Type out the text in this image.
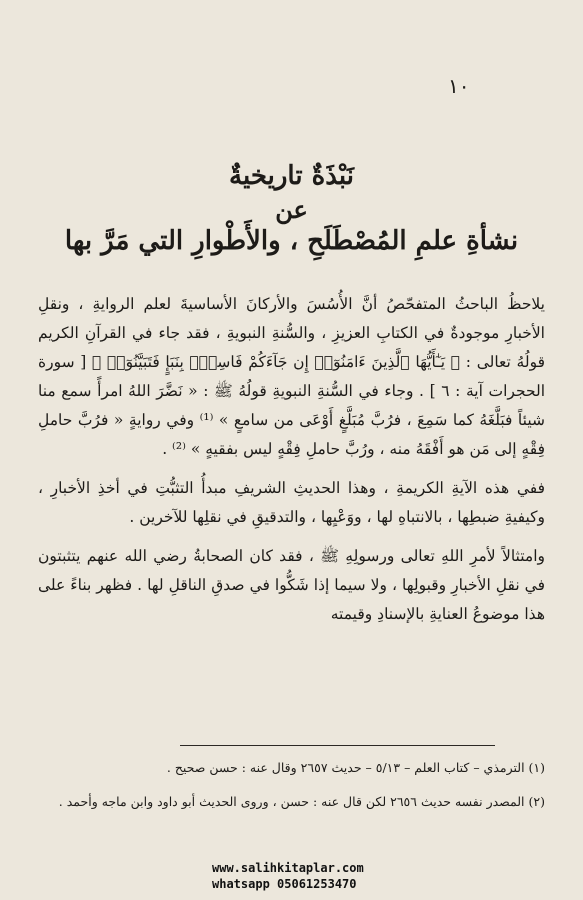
١٠
نَبْذَةٌ تاريخيةٌ
عن
نشأةِ علمِ المُصْطَلَحِ ، والأَطْوارِ التي مَرَّ بها

يلاحظُ الباحثُ المتفحّصُ أنَّ الأُسُسَ والأركانَ الأساسيةَ لعلم الروايةِ ، ونقلِ الأخبارِ موجودةٌ في الكتابِ العزيزِ ، والسُّنةِ النبويةِ ، فقد جاء في القرآنِ الكريم قولُهُ تعالى : ﴿ يَـٰٓأَيُّهَا ٱلَّذِينَ ءَامَنُوٓا۟ إِن جَآءَكُمْ فَاسِقٌۢ بِنَبَإٍ فَتَبَيَّنُوٓا۟ ﴾ [ سورة الحجرات آية : ٦ ] . وجاء في السُّنةِ النبويةِ قولُهُ ﷺ : « نَضَّرَ اللهُ امرأً سمع منا شيئاً فبَلَّغَهُ كما سَمِعَ ، فرُبَّ مُبَلَّغٍ أَوْعَى من سامعٍ » ⁽¹⁾ وفي روايةٍ « فرُبَّ حاملِ فِقْهٍ إلى مَن هو أَفْقَهُ منه ، ورُبَّ حاملِ فِقْهٍ ليس بفقيهٍ » ⁽²⁾ .

ففي هذه الآيةِ الكريمةِ ، وهذا الحديثِ الشريفِ مبدأُ التثبُّتِ في أخذِ الأخبارِ ، وكيفيةِ ضبطِها ، بالانتباهِ لها ، ووَعْيِها ، والتدقيقِ في نقلِها للآخرين .

وامتثالاً لأمرِ اللهِ تعالى ورسولِهِ ﷺ ، فقد كان الصحابةُ رضي الله عنهم يتثبتون في نقلِ الأخبارِ وقبولِها ، ولا سيما إذا شَكُّوا في صدقِ الناقلِ لها . فظهر بناءً على هذا موضوعُ العنايةِ بالإسنادِ وقيمته

(١) الترمذي – كتاب العلم – ٥/١٣ – حديث ٢٦٥٧ وقال عنه : حسن صحيح .

(٢) المصدر نفسه حديث ٢٦٥٦ لكن قال عنه : حسن ، وروى الحديث أبو داود وابن ماجه وأحمد .

www.salihkitaplar.com
whatsapp 05061253470
